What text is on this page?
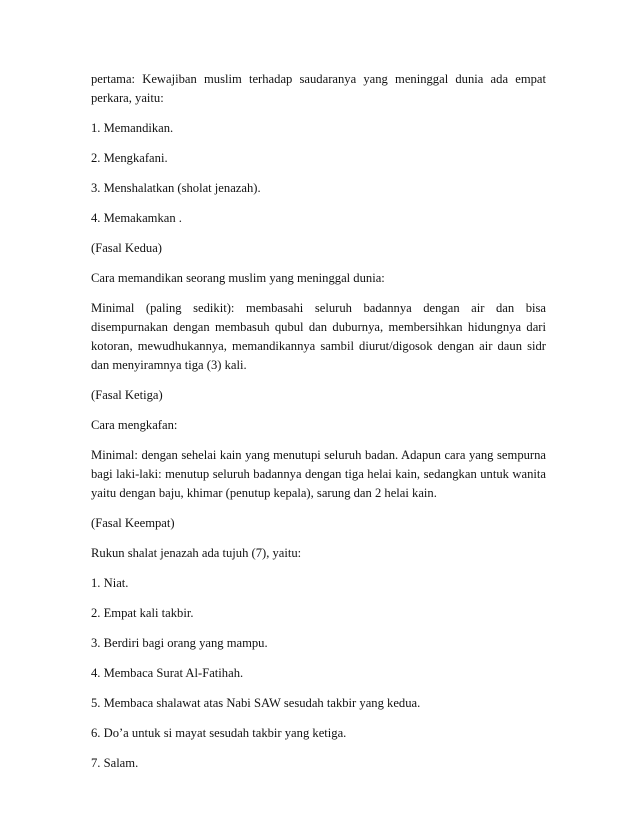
pertama: Kewajiban muslim terhadap saudaranya yang meninggal dunia ada empat perkara, yaitu:

1. Memandikan.

2. Mengkafani.

3. Menshalatkan (sholat jenazah).

4. Memakamkan .

(Fasal Kedua)

Cara memandikan seorang muslim yang meninggal dunia:

Minimal (paling sedikit): membasahi seluruh badannya dengan air dan bisa disempurnakan dengan membasuh qubul dan duburnya, membersihkan hidungnya dari kotoran, mewudhukannya, memandikannya sambil diurut/digosok dengan air daun sidr dan menyiramnya tiga (3) kali.

(Fasal Ketiga)

Cara mengkafan:

Minimal: dengan sehelai kain yang menutupi seluruh badan. Adapun cara yang sempurna bagi laki-laki: menutup seluruh badannya dengan tiga helai kain, sedangkan untuk wanita yaitu dengan baju, khimar (penutup kepala), sarung dan 2 helai kain.

(Fasal Keempat)

Rukun shalat jenazah ada tujuh (7), yaitu:

1. Niat.

2. Empat kali takbir.

3. Berdiri bagi orang yang mampu.

4. Membaca Surat Al-Fatihah.

5. Membaca shalawat atas Nabi SAW sesudah takbir yang kedua.

6. Do’a untuk si mayat sesudah takbir yang ketiga.

7. Salam.
